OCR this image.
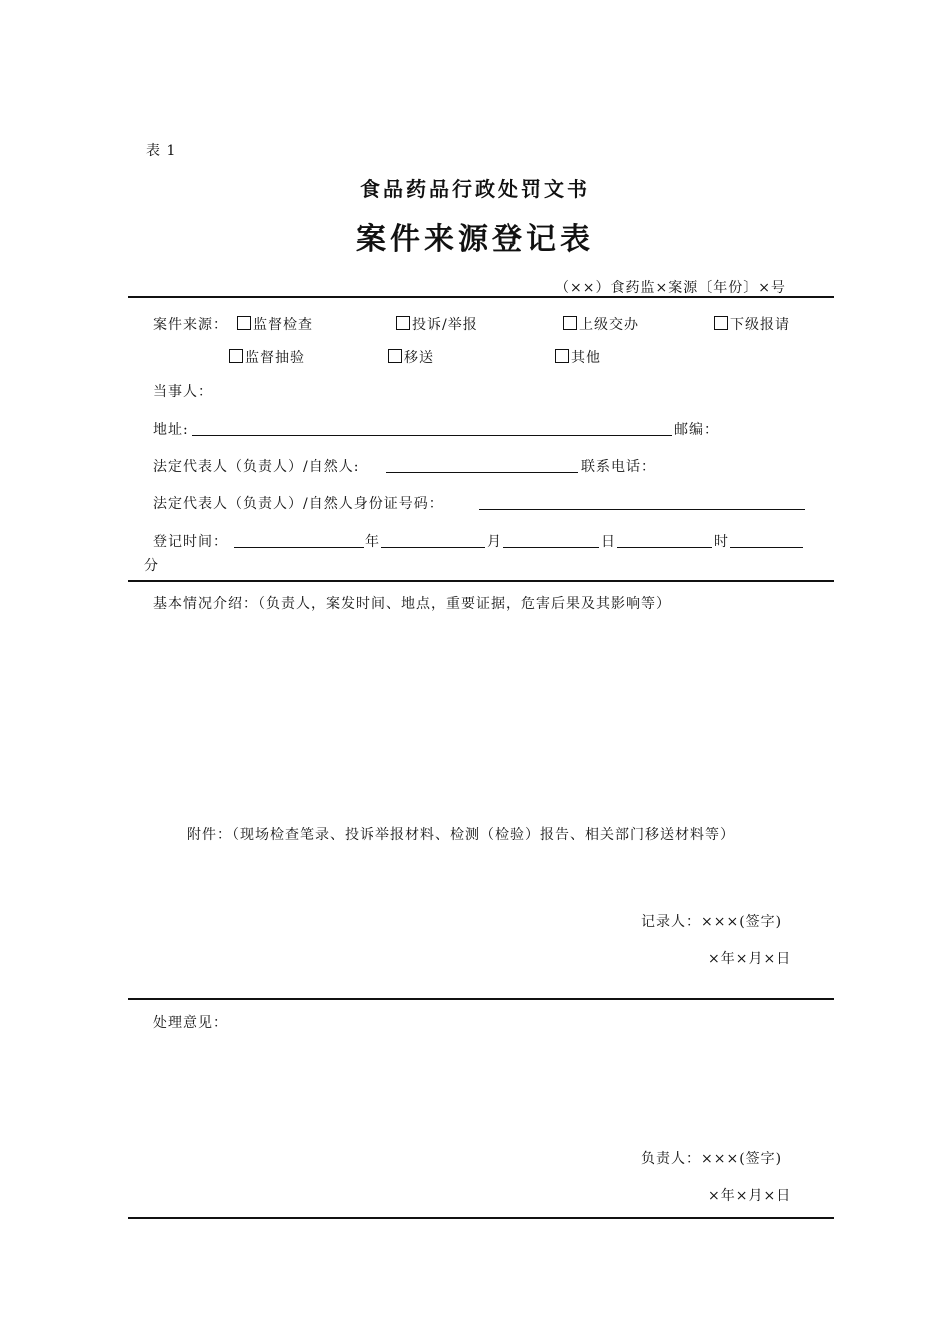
表 1
食品药品行政处罚文书
案件来源登记表
（××）食药监×案源〔年份〕×号
案件来源：	监督检查	投诉/举报	上级交办	下级报请
监督抽验	移送	其他
当事人：
地址:	邮编：
法定代表人（负责人）/自然人:	联系电话：
法定代表人（负责人）/自然人身份证号码：
登记时间：	年	月	日	时
分
基本情况介绍：（负责人，案发时间、地点，重要证据，危害后果及其影响等）
附件：（现场检查笔录、投诉举报材料、检测（检验）报告、相关部门移送材料等）
记录人：×××(签字)
×年×月×日
处理意见：
负责人：×××(签字)
×年×月×日
